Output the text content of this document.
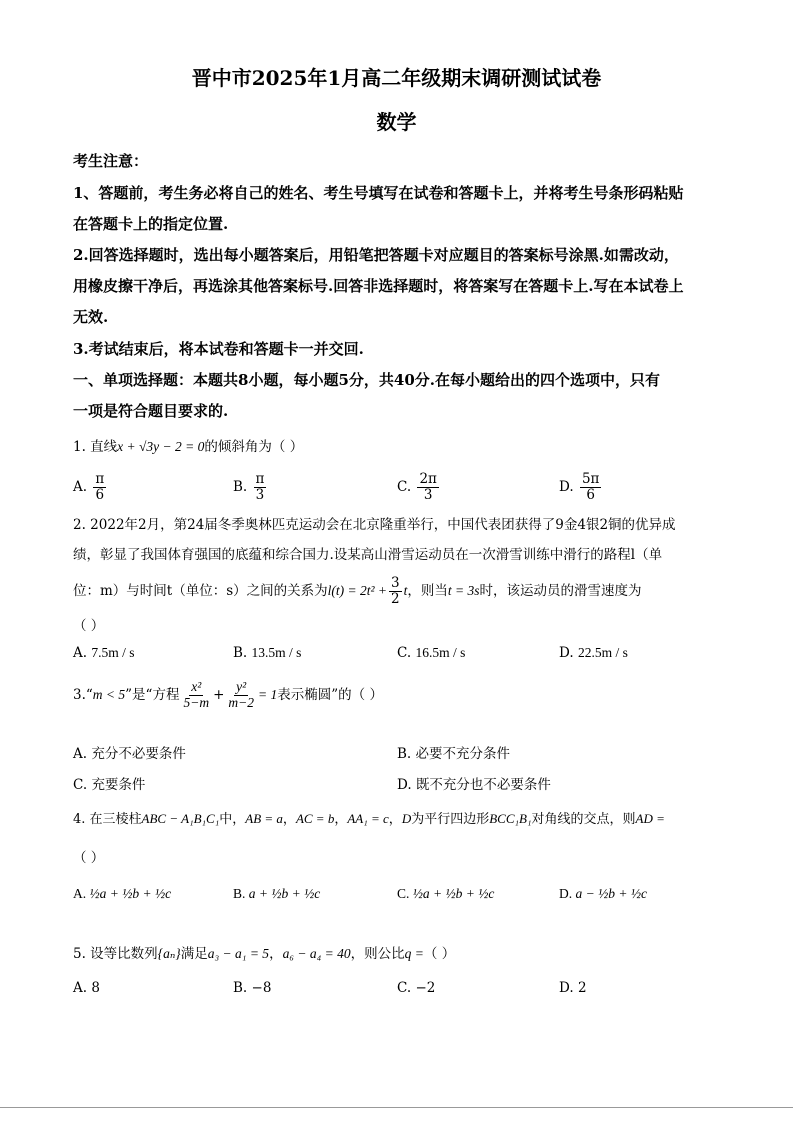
晋中市2025年1月高二年级期末调研测试试卷
数学
考生注意：
1、答题前，考生务必将自己的姓名、考生号填写在试卷和答题卡上，并将考生号条形码粘贴
在答题卡上的指定位置.
2.回答选择题时，选出每小题答案后，用铅笔把答题卡对应题目的答案标号涂黑.如需改动，
用橡皮擦干净后，再选涂其他答案标号.回答非选择题时，将答案写在答题卡上.写在本试卷上
无效.
3.考试结束后，将本试卷和答题卡一并交回.
一、单项选择题：本题共8小题，每小题5分，共40分.在每小题给出的四个选项中，只有
一项是符合题目要求的.
1. 直线x + √3y − 2 = 0的倾斜角为（ ）
A. $\frac{\pi}{6}$	B. $\frac{\pi}{3}$	C. $\frac{2\pi}{3}$	D. $\frac{5\pi}{6}$
2. 2022年2月，第24届冬季奥林匹克运动会在北京隆重举行，中国代表团获得了9金4银2铜的优异成
绩，彰显了我国体育强国的底蕴和综合国力.设某高山滑雪运动员在一次滑雪训练中滑行的路程l（单
位：m）与时间t（单位：s）之间的关系为$l(t) = 2t^2 + \frac{3}{2}$ t，则当t = 3s时，该运动员的滑雪速度为
（ ）
A. 7.5m / s	B. 13.5m / s	C. 16.5m / s	D. 22.5m / s
3.“m < 5”是“方程 $\frac{\text{x²}}{5-m} + \frac{\text{y²}}{m-2} = 1$表示椭圆”的（ ）
A. 充分不必要条件	B. 必要不充分条件
C. 充要条件	D. 既不充分也不必要条件
4. 在三棱柱ABC − A₁B₁C₁中，AB = a，AC = b，AA₁ = c，D为平行四边形BCC₁B₁对角线的交点，则AD =
（ ）
A. ½a + ½b + ½c	B. a + ½b + ½c	C. ½a + ½b + ½c	D. a − ½b + ½c
5. 设等比数列{aₙ}满足a₃ − a₁ = 5，a₆ − a₄ = 40，则公比q =（ ）
A. 8	B. −8	C. −2	D. 2
